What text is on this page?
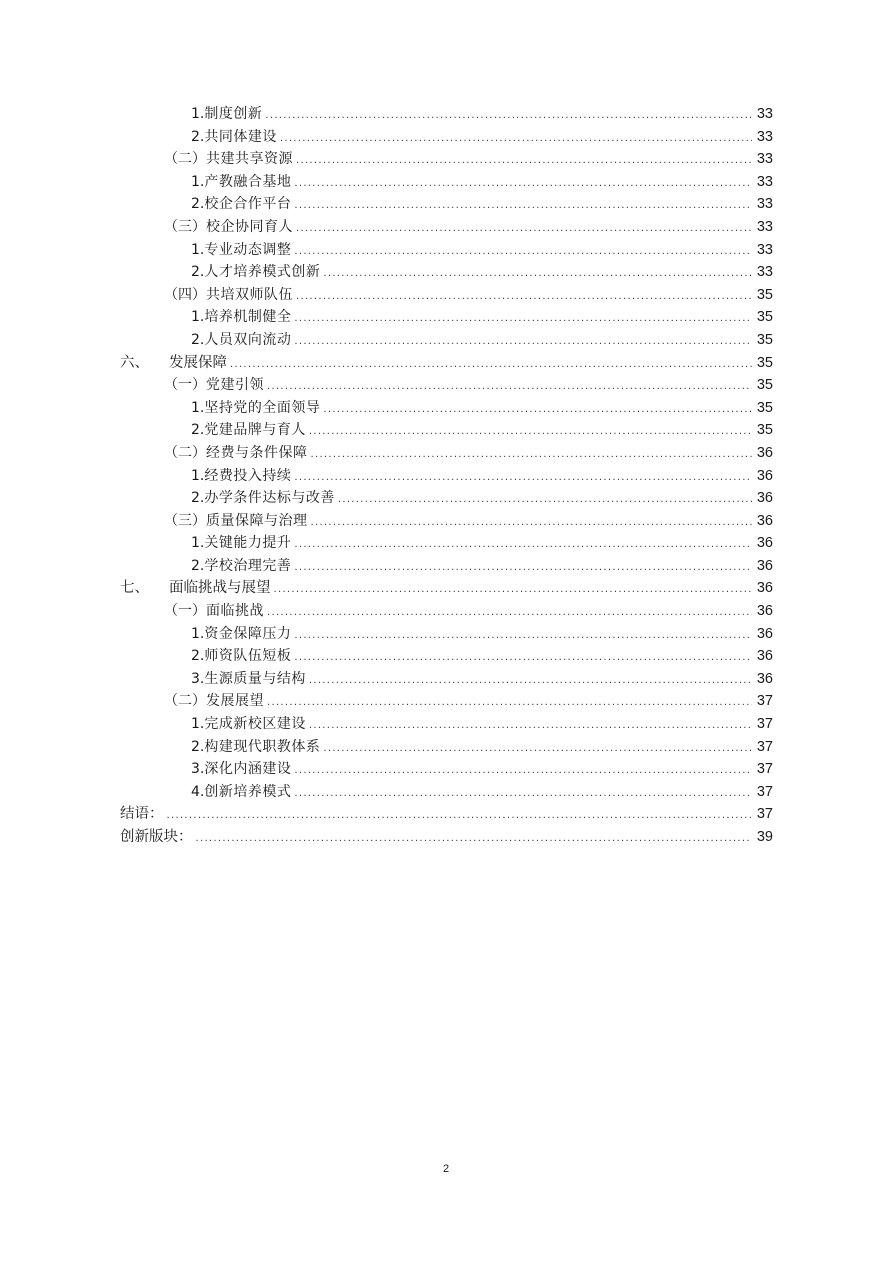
1.制度创新 .....	33
2.共同体建设 .....	33
（二）共建共享资源 .....	33
1.产教融合基地 .....	33
2.校企合作平台 .....	33
（三）校企协同育人 .....	33
1.专业动态调整 .....	33
2.人才培养模式创新 .....	33
（四）共培双师队伍 .....	35
1.培养机制健全 .....	35
2.人员双向流动 .....	35
六、 发展保障 .....	35
（一）党建引领 .....	35
1.坚持党的全面领导 .....	35
2.党建品牌与育人 .....	35
（二）经费与条件保障 .....	36
1.经费投入持续 .....	36
2.办学条件达标与改善 .....	36
（三）质量保障与治理 .....	36
1.关键能力提升 .....	36
2.学校治理完善 .....	36
七、 面临挑战与展望 .....	36
（一）面临挑战 .....	36
1.资金保障压力 .....	36
2.师资队伍短板 .....	36
3.生源质量与结构 .....	36
（二）发展展望 .....	37
1.完成新校区建设 .....	37
2.构建现代职教体系 .....	37
3.深化内涵建设 .....	37
4.创新培养模式 .....	37
结语： .....	37
创新版块： .....	39
2
